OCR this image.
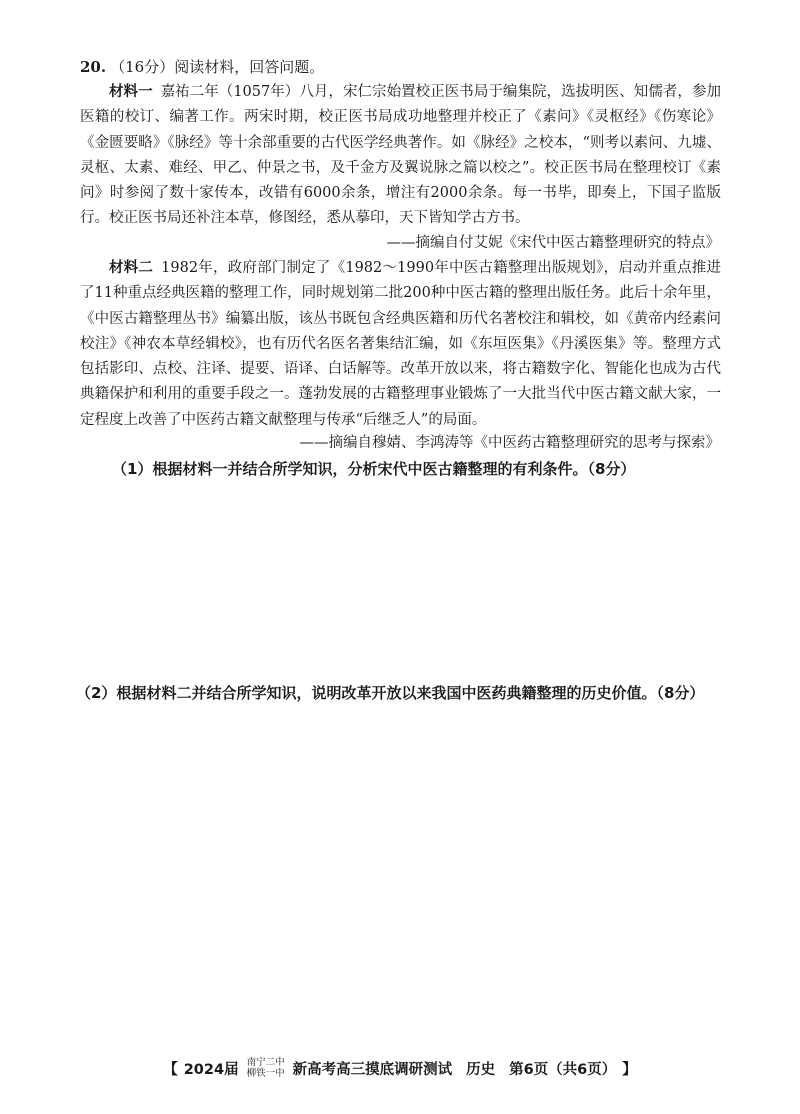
20. （16分）阅读材料，回答问题。
材料一 嘉祐二年（1057年）八月，宋仁宗始置校正医书局于编集院，选拔明医、知儒者，参加医籍的校订、编著工作。两宋时期，校正医书局成功地整理并校正了《素问》《灵枢经》《伤寒论》《金匮要略》《脉经》等十余部重要的古代医学经典著作。如《脉经》之校本，“则考以素问、九墟、灵枢、太素、难经、甲乙、仲景之书，及千金方及翼说脉之篇以校之”。校正医书局在整理校订《素问》时参阅了数十家传本，改错有6000余条，增注有2000余条。每一书毕，即奏上，下国子监版行。校正医书局还补注本草，修图经，悉从摹印，天下皆知学古方书。
——摘编自付艾妮《宋代中医古籍整理研究的特点》
材料二 1982年，政府部门制定了《1982～1990年中医古籍整理出版规划》，启动并重点推进了11种重点经典医籍的整理工作，同时规划第二批200种中医古籍的整理出版任务。此后十余年里，《中医古籍整理丛书》编纂出版，该丛书既包含经典医籍和历代名著校注和辑校，如《黄帝内经素问校注》《神农本草经辑校》，也有历代名医名著集结汇编，如《东垣医集》《丹溪医集》等。整理方式包括影印、点校、注译、提要、语译、白话解等。改革开放以来，将古籍数字化、智能化也成为古代典籍保护和利用的重要手段之一。蓬勃发展的古籍整理事业锻炼了一大批当代中医古籍文献大家，一定程度上改善了中医药古籍文献整理与传承“后继乏人”的局面。
——摘编自穆婧、李鸿涛等《中医药古籍整理研究的思考与探索》
（1）根据材料一并结合所学知识，分析宋代中医古籍整理的有利条件。（8分）
（2）根据材料二并结合所学知识，说明改革开放以来我国中医药典籍整理的历史价值。（8分）
【 2024届 南宁二中
柳铁一中 新高考高三摸底调研测试 历史 第6页（共6页） 】
